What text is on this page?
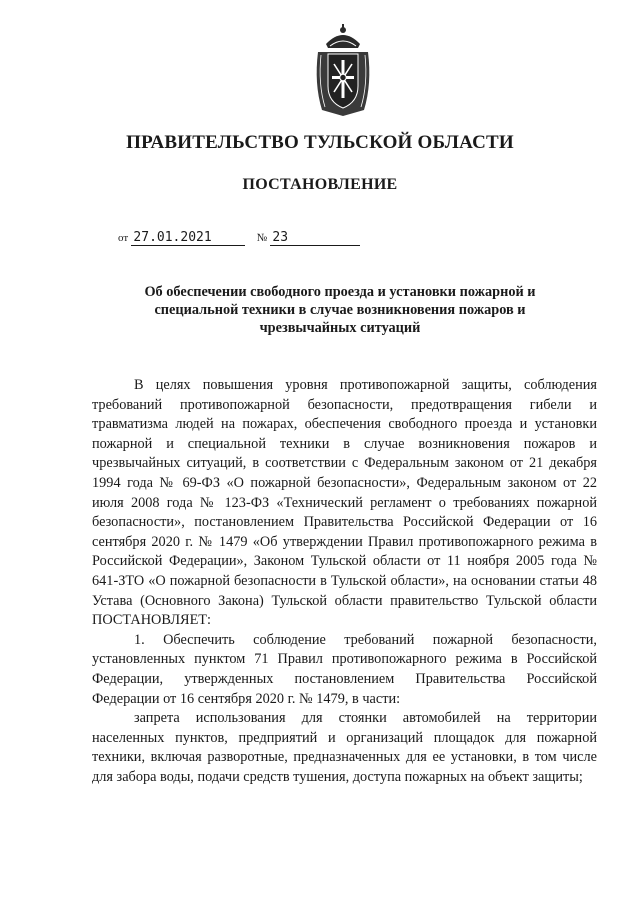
ПРАВИТЕЛЬСТВО ТУЛЬСКОЙ ОБЛАСТИ
ПОСТАНОВЛЕНИЕ
от 27.01.2021	№ 23
Об обеспечении свободного проезда и установки пожарной и специальной техники в случае возникновения пожаров и чрезвычайных ситуаций

В целях повышения уровня противопожарной защиты, соблюдения требований противопожарной безопасности, предотвращения гибели и травматизма людей на пожарах, обеспечения свободного проезда и установки пожарной и специальной техники в случае возникновения пожаров и чрезвычайных ситуаций, в соответствии с Федеральным законом от 21 декабря 1994 года № 69-ФЗ «О пожарной безопасности», Федеральным законом от 22 июля 2008 года № 123-ФЗ «Технический регламент о требованиях пожарной безопасности», постановлением Правительства Российской Федерации от 16 сентября 2020 г. № 1479 «Об утверждении Правил противопожарного режима в Российской Федерации», Законом Тульской области от 11 ноября 2005 года № 641-ЗТО «О пожарной безопасности в Тульской области», на основании статьи 48 Устава (Основного Закона) Тульской области правительство Тульской области ПОСТАНОВЛЯЕТ:

1. Обеспечить соблюдение требований пожарной безопасности, установленных пунктом 71 Правил противопожарного режима в Российской Федерации, утвержденных постановлением Правительства Российской Федерации от 16 сентября 2020 г. № 1479, в части:

запрета использования для стоянки автомобилей на территории населенных пунктов, предприятий и организаций площадок для пожарной техники, включая разворотные, предназначенных для ее установки, в том числе для забора воды, подачи средств тушения, доступа пожарных на объект защиты;
